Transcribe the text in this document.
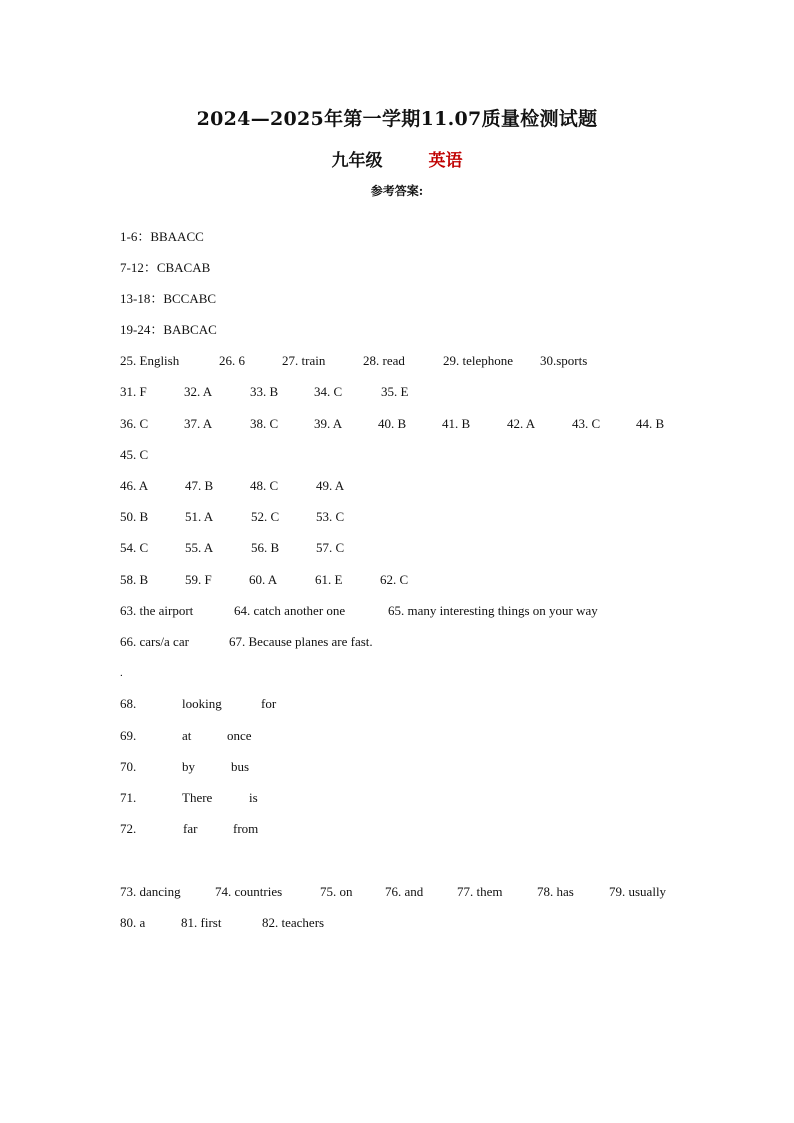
2024—2025年第一学期11.07质量检测试题
九年级	英语
参考答案:
1-6：BBAACC
7-12：CBACAB
13-18：BCCABC
19-24：BABCAC
25. English	26. 6	27. train	28. read	29. telephone 30.sports
31. F	32. A	33. B	34. C	35. E
36. C	37. A	38. C	39. A	40. B	41. B	42. A	43. C	44. B
45. C
46. A	47. B	48. C	49. A
50. B	51. A	52. C	53. C
54. C	55. A	56. B	57. C
58. B	59. F	60. A	61. E	62. C
63. the airport	64. catch another one	65. many interesting things on your way
66. cars/a car	67. Because planes are fast.
.
68.	looking	for
69.	at	once
70.	by	bus
71.	There	is
72.	far	from
73. dancing	74. countries	75. on	76. and	77. them	78. has	79. usually
80. a	81. first	82. teachers
